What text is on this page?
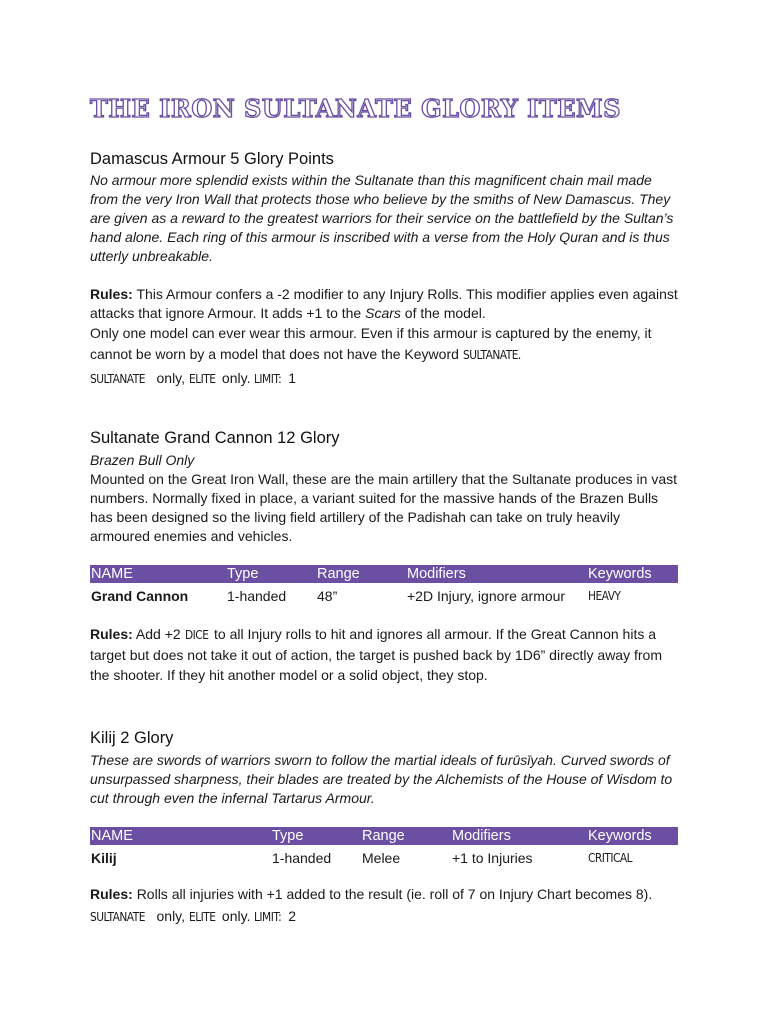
THE IRON SULTANATE GLORY ITEMS
Damascus Armour 5 Glory Points

No armour more splendid exists within the Sultanate than this magnificent chain mail made from the very Iron Wall that protects those who believe by the smiths of New Damascus. They are given as a reward to the greatest warriors for their service on the battlefield by the Sultan’s hand alone. Each ring of this armour is inscribed with a verse from the Holy Quran and is thus utterly unbreakable.

Rules: This Armour confers a -2 modifier to any Injury Rolls. This modifier applies even against attacks that ignore Armour. It adds +1 to the Scars of the model.

Only one model can ever wear this armour. Even if this armour is captured by the enemy, it cannot be worn by a model that does not have the Keyword SULTANATE.

SULTANATE only, ELITE only. LIMIT: 1

Sultanate Grand Cannon 12 Glory

Brazen Bull Only

Mounted on the Great Iron Wall, these are the main artillery that the Sultanate produces in vast numbers. Normally fixed in place, a variant suited for the massive hands of the Brazen Bulls has been designed so the living field artillery of the Padishah can take on truly heavily armoured enemies and vehicles.

NAME	Type	Range	Modifiers	Keywords
Grand Cannon	1-handed	48”	+2D Injury, ignore armour	HEAVY

Rules: Add +2 DICE to all Injury rolls to hit and ignores all armour. If the Great Cannon hits a target but does not take it out of action, the target is pushed back by 1D6” directly away from the shooter. If they hit another model or a solid object, they stop.

Kilij 2 Glory

These are swords of warriors sworn to follow the martial ideals of furūsīyah. Curved swords of unsurpassed sharpness, their blades are treated by the Alchemists of the House of Wisdom to cut through even the infernal Tartarus Armour.

NAME	Type	Range	Modifiers	Keywords
Kilij	1-handed	Melee	+1 to Injuries	CRITICAL

Rules: Rolls all injuries with +1 added to the result (ie. roll of 7 on Injury Chart becomes 8).

SULTANATE only, ELITE only. LIMIT: 2
